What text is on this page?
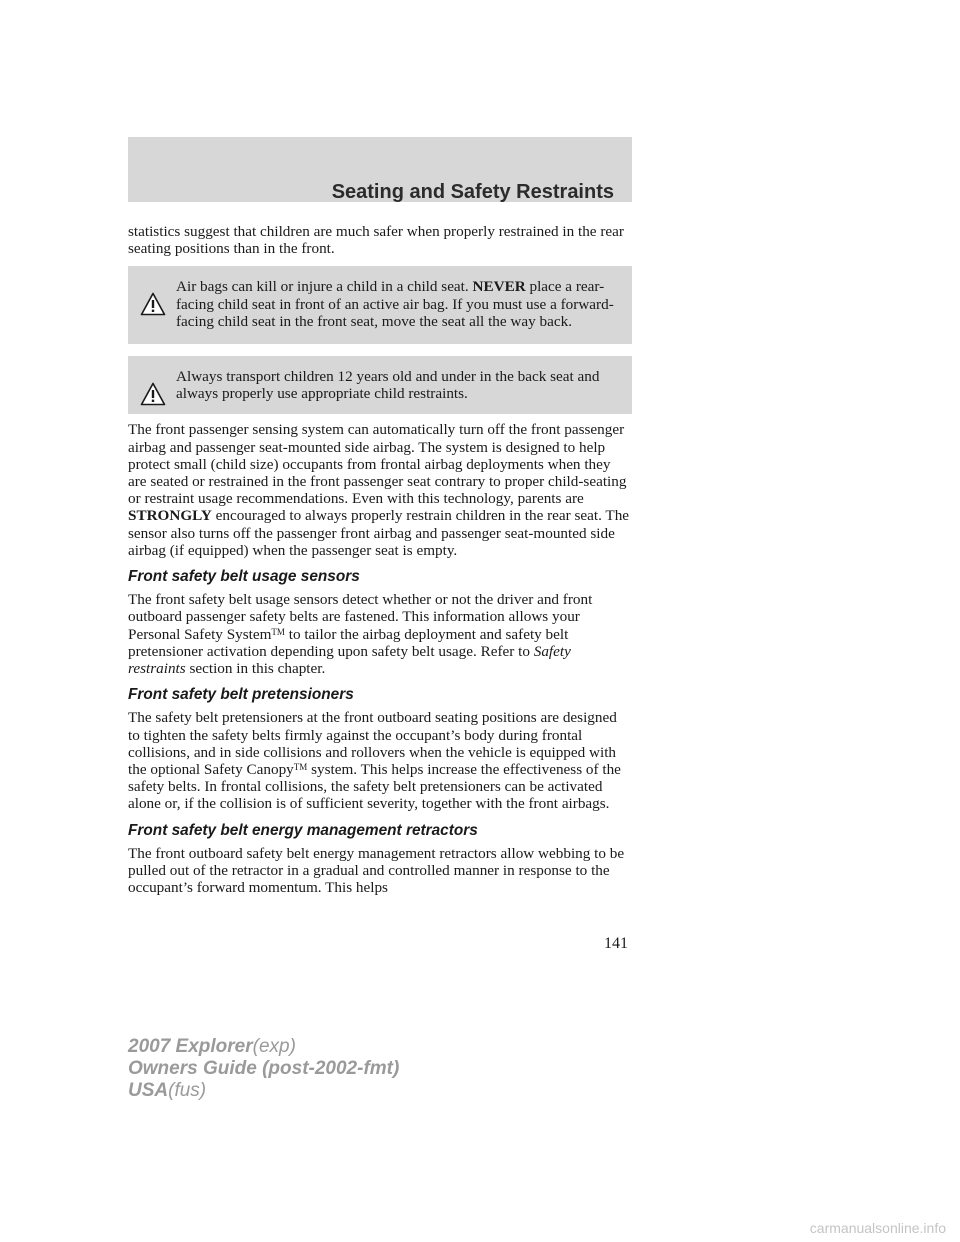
Seating and Safety Restraints

statistics suggest that children are much safer when properly restrained in the rear seating positions than in the front.

Air bags can kill or injure a child in a child seat. NEVER place a rear-facing child seat in front of an active air bag. If you must use a forward-facing child seat in the front seat, move the seat all the way back.

Always transport children 12 years old and under in the back seat and always properly use appropriate child restraints.

The front passenger sensing system can automatically turn off the front passenger airbag and passenger seat-mounted side airbag. The system is designed to help protect small (child size) occupants from frontal airbag deployments when they are seated or restrained in the front passenger seat contrary to proper child-seating or restraint usage recommendations. Even with this technology, parents are STRONGLY encouraged to always properly restrain children in the rear seat. The sensor also turns off the passenger front airbag and passenger seat-mounted side airbag (if equipped) when the passenger seat is empty.

Front safety belt usage sensors

The front safety belt usage sensors detect whether or not the driver and front outboard passenger safety belts are fastened. This information allows your Personal Safety System™ to tailor the airbag deployment and safety belt pretensioner activation depending upon safety belt usage. Refer to Safety restraints section in this chapter.

Front safety belt pretensioners

The safety belt pretensioners at the front outboard seating positions are designed to tighten the safety belts firmly against the occupant’s body during frontal collisions, and in side collisions and rollovers when the vehicle is equipped with the optional Safety Canopy™ system. This helps increase the effectiveness of the safety belts. In frontal collisions, the safety belt pretensioners can be activated alone or, if the collision is of sufficient severity, together with the front airbags.

Front safety belt energy management retractors

The front outboard safety belt energy management retractors allow webbing to be pulled out of the retractor in a gradual and controlled manner in response to the occupant’s forward momentum. This helps

141
2007 Explorer(exp)
Owners Guide (post-2002-fmt)
USA(fus)
carmanualsonline.info
